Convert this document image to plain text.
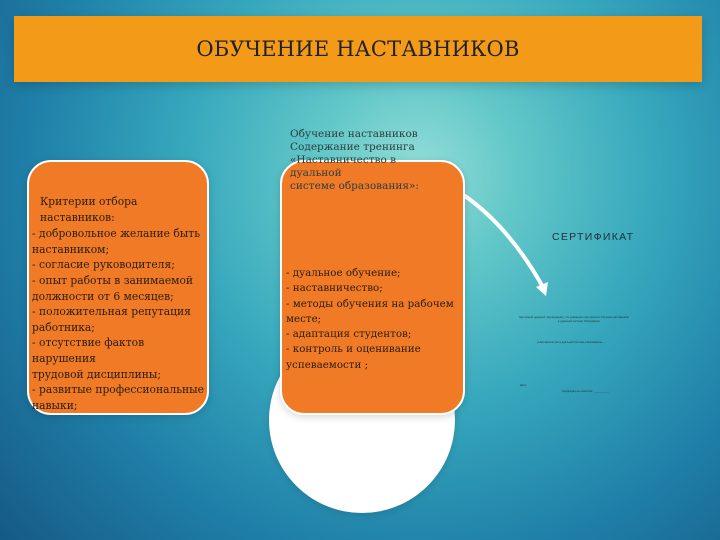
ОБУЧЕНИЕ НАСТАВНИКОВ

Критерии отбора наставников:

- добровольное желание быть

наставником;

- согласие руководителя;

- опыт работы в занимаемой

должности от 6 месяцев;

- положительная репутация

работника;

- отсутствие фактов нарушения

трудовой дисциплины;

- развитые профессиональные

навыки;

Обучение наставников

Содержание тренинга

«Наставничество в дуальной

системе образования»:

- дуальное обучение;

- наставничество;

- методы обучения на рабочем

месте;

- адаптация студентов;

- контроль и оценивание

успеваемости ;

СЕРТИФИКАТ
Настоящий документ подтверждает, что указанное лицо прошло обучение наставников
в дуальной системе образования
«Наставничество в дуальной системе образования»
Дата:
Председатель комиссии: __________
